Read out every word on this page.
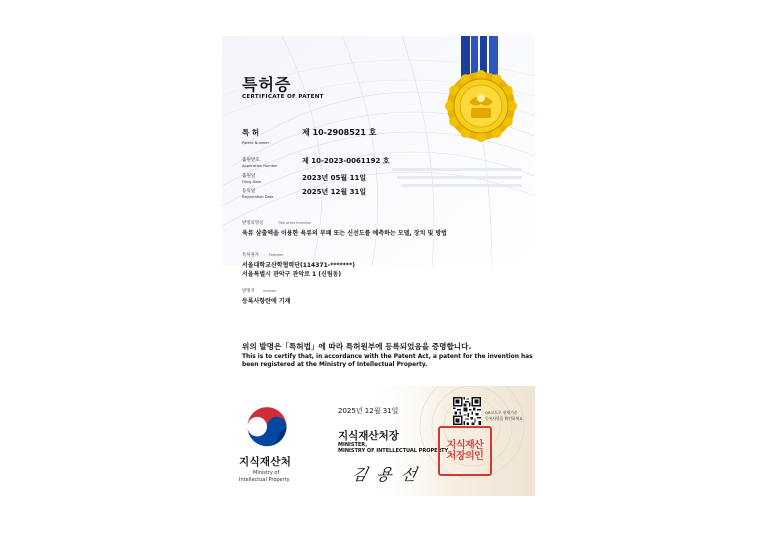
특허증
CERTIFICATE OF PATENT
특 허
Patent Number
제 10-2908521 호
출원번호
Application Number
제 10-2023-0061192 호
출원일
Filing Date	2023년 05월 11일
등록일
Registration Date
2025년 12월 31일
발명의명칭	Title of the Invention
육류 삼출액을 이용한 육류의 부패 또는 신선도를 예측하는 모델, 장치 및 방법
특허권자	Patentee
서울대학교산학협력단(114371-*******)
서울특별시 관악구 관악로 1 (신림동)
발명자	Inventor
등록사항란에 기재
위의 발명은「특허법」에 따라 특허원부에 등록되었음을 증명합니다.
This is to certify that, in accordance with the Patent Act, a patent for the invention has been registered at the Ministry of Intellectual Property.
지식재산처
Ministry of
Intellectual Property
2025년 12월 31일	QR코드로 현재기준
등록사항을 확인하세요
지식재산처장
MINISTER,
MINISTRY OF INTELLECTUAL PROPERTY
김 용 선
지식재산처장의인
